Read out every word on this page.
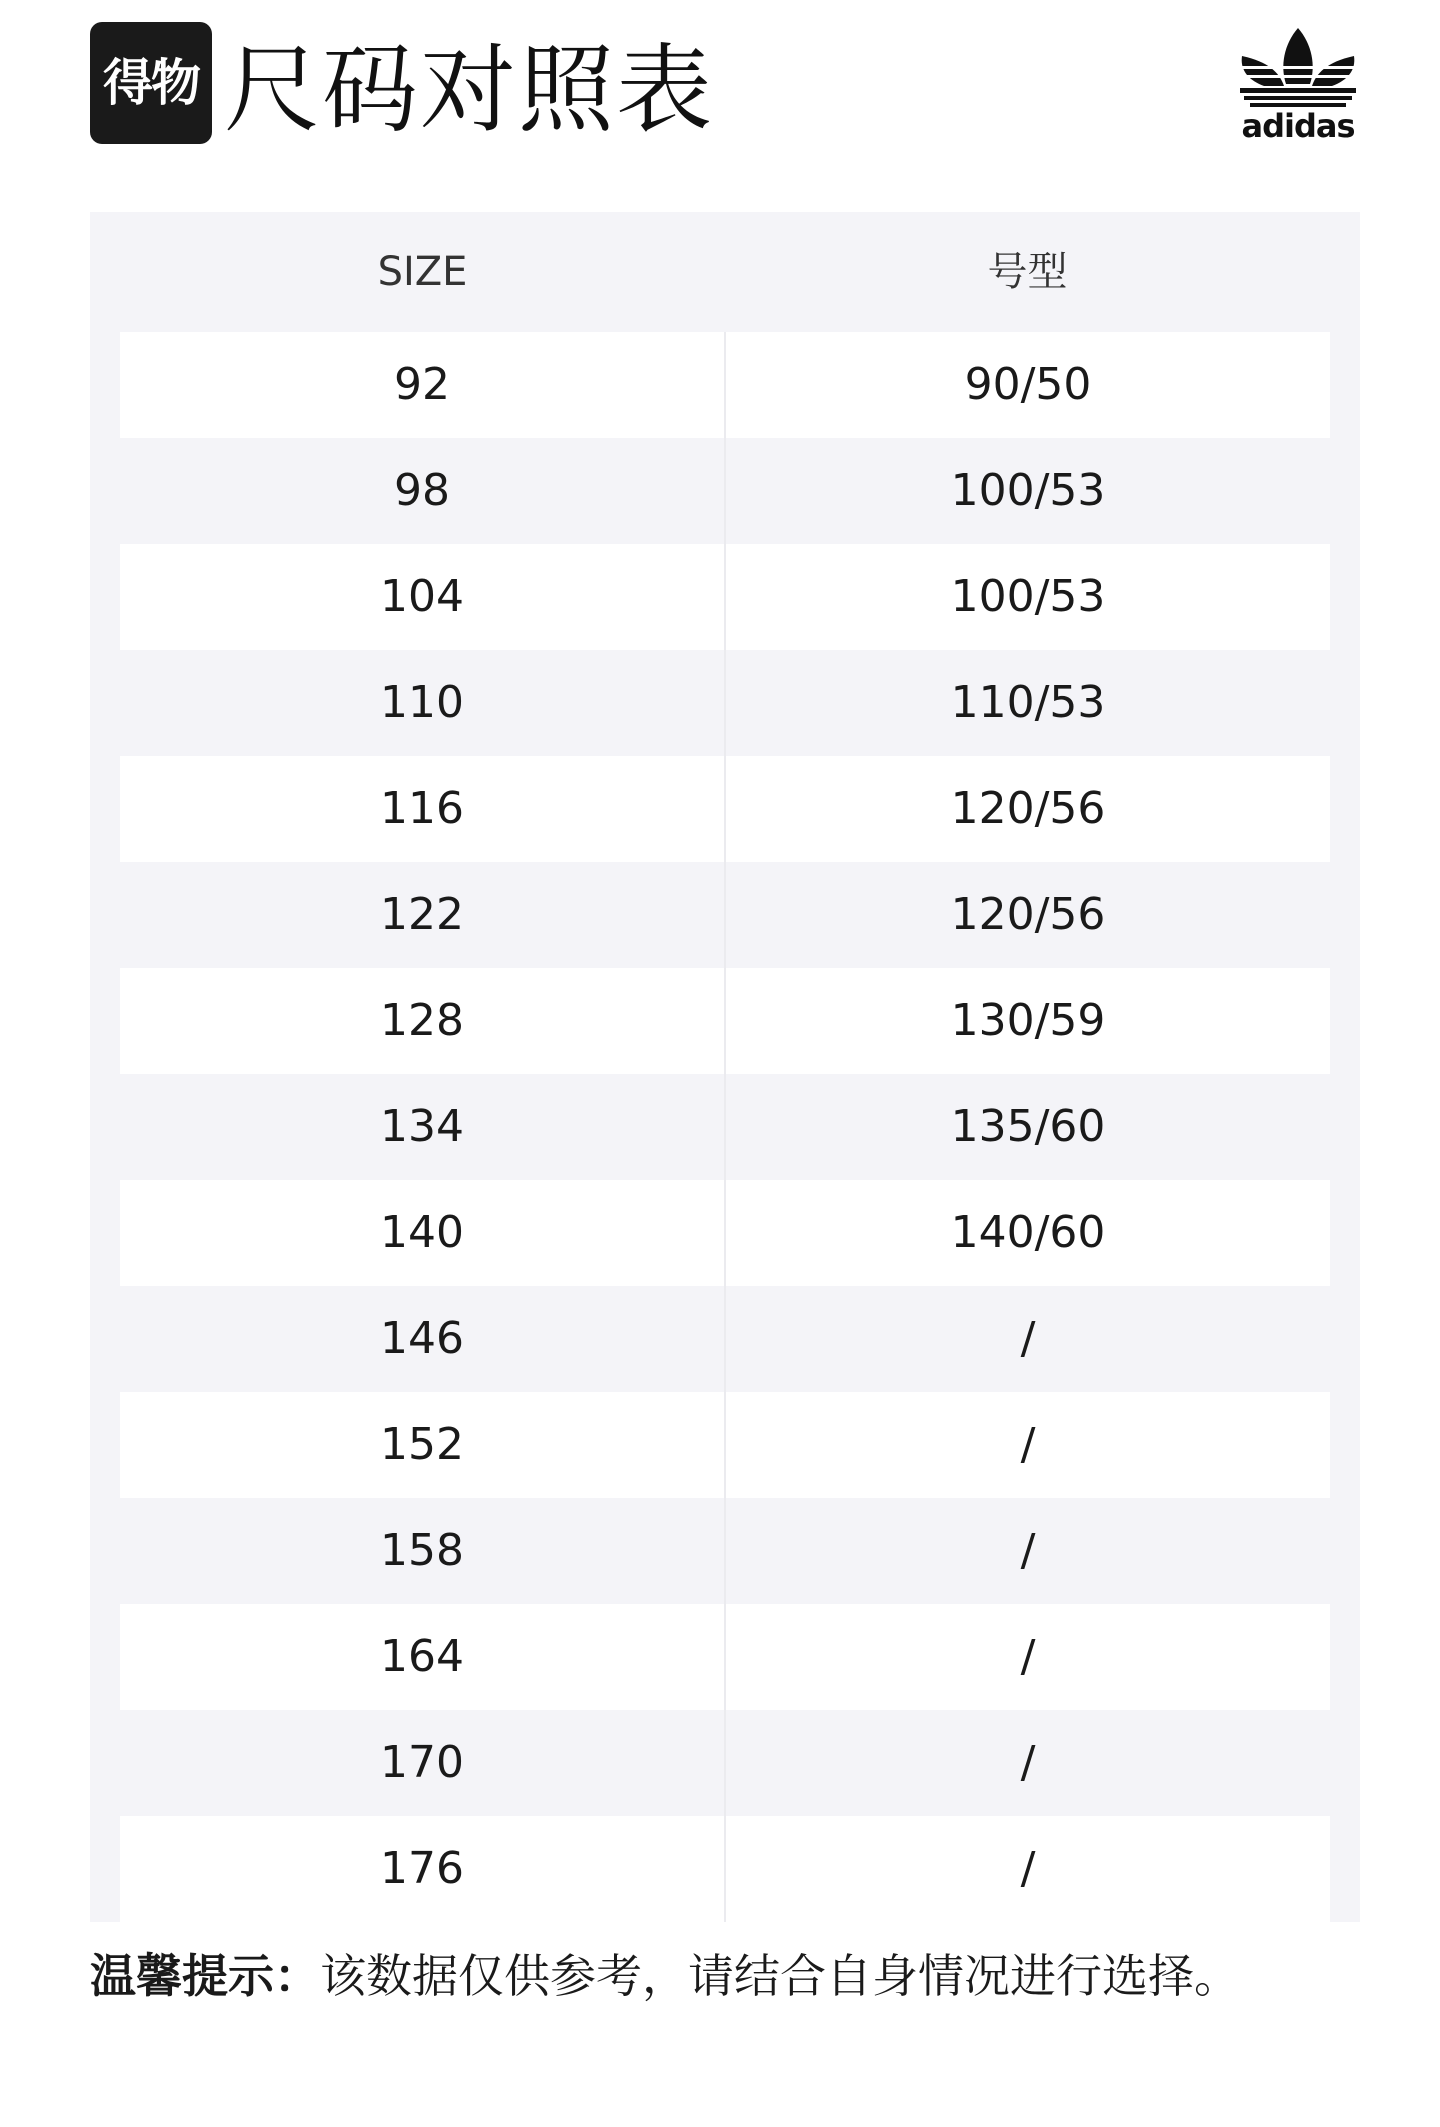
得物 尺码对照表	adidas
SIZE	号型
92	90/50
98	100/53
104	100/53
110	110/53
116	120/56
122	120/56
128	130/59
134	135/60
140	140/60
146	/
152	/
158	/
164	/
170	/
176	/
温馨提示：该数据仅供参考，请结合自身情况进行选择。
